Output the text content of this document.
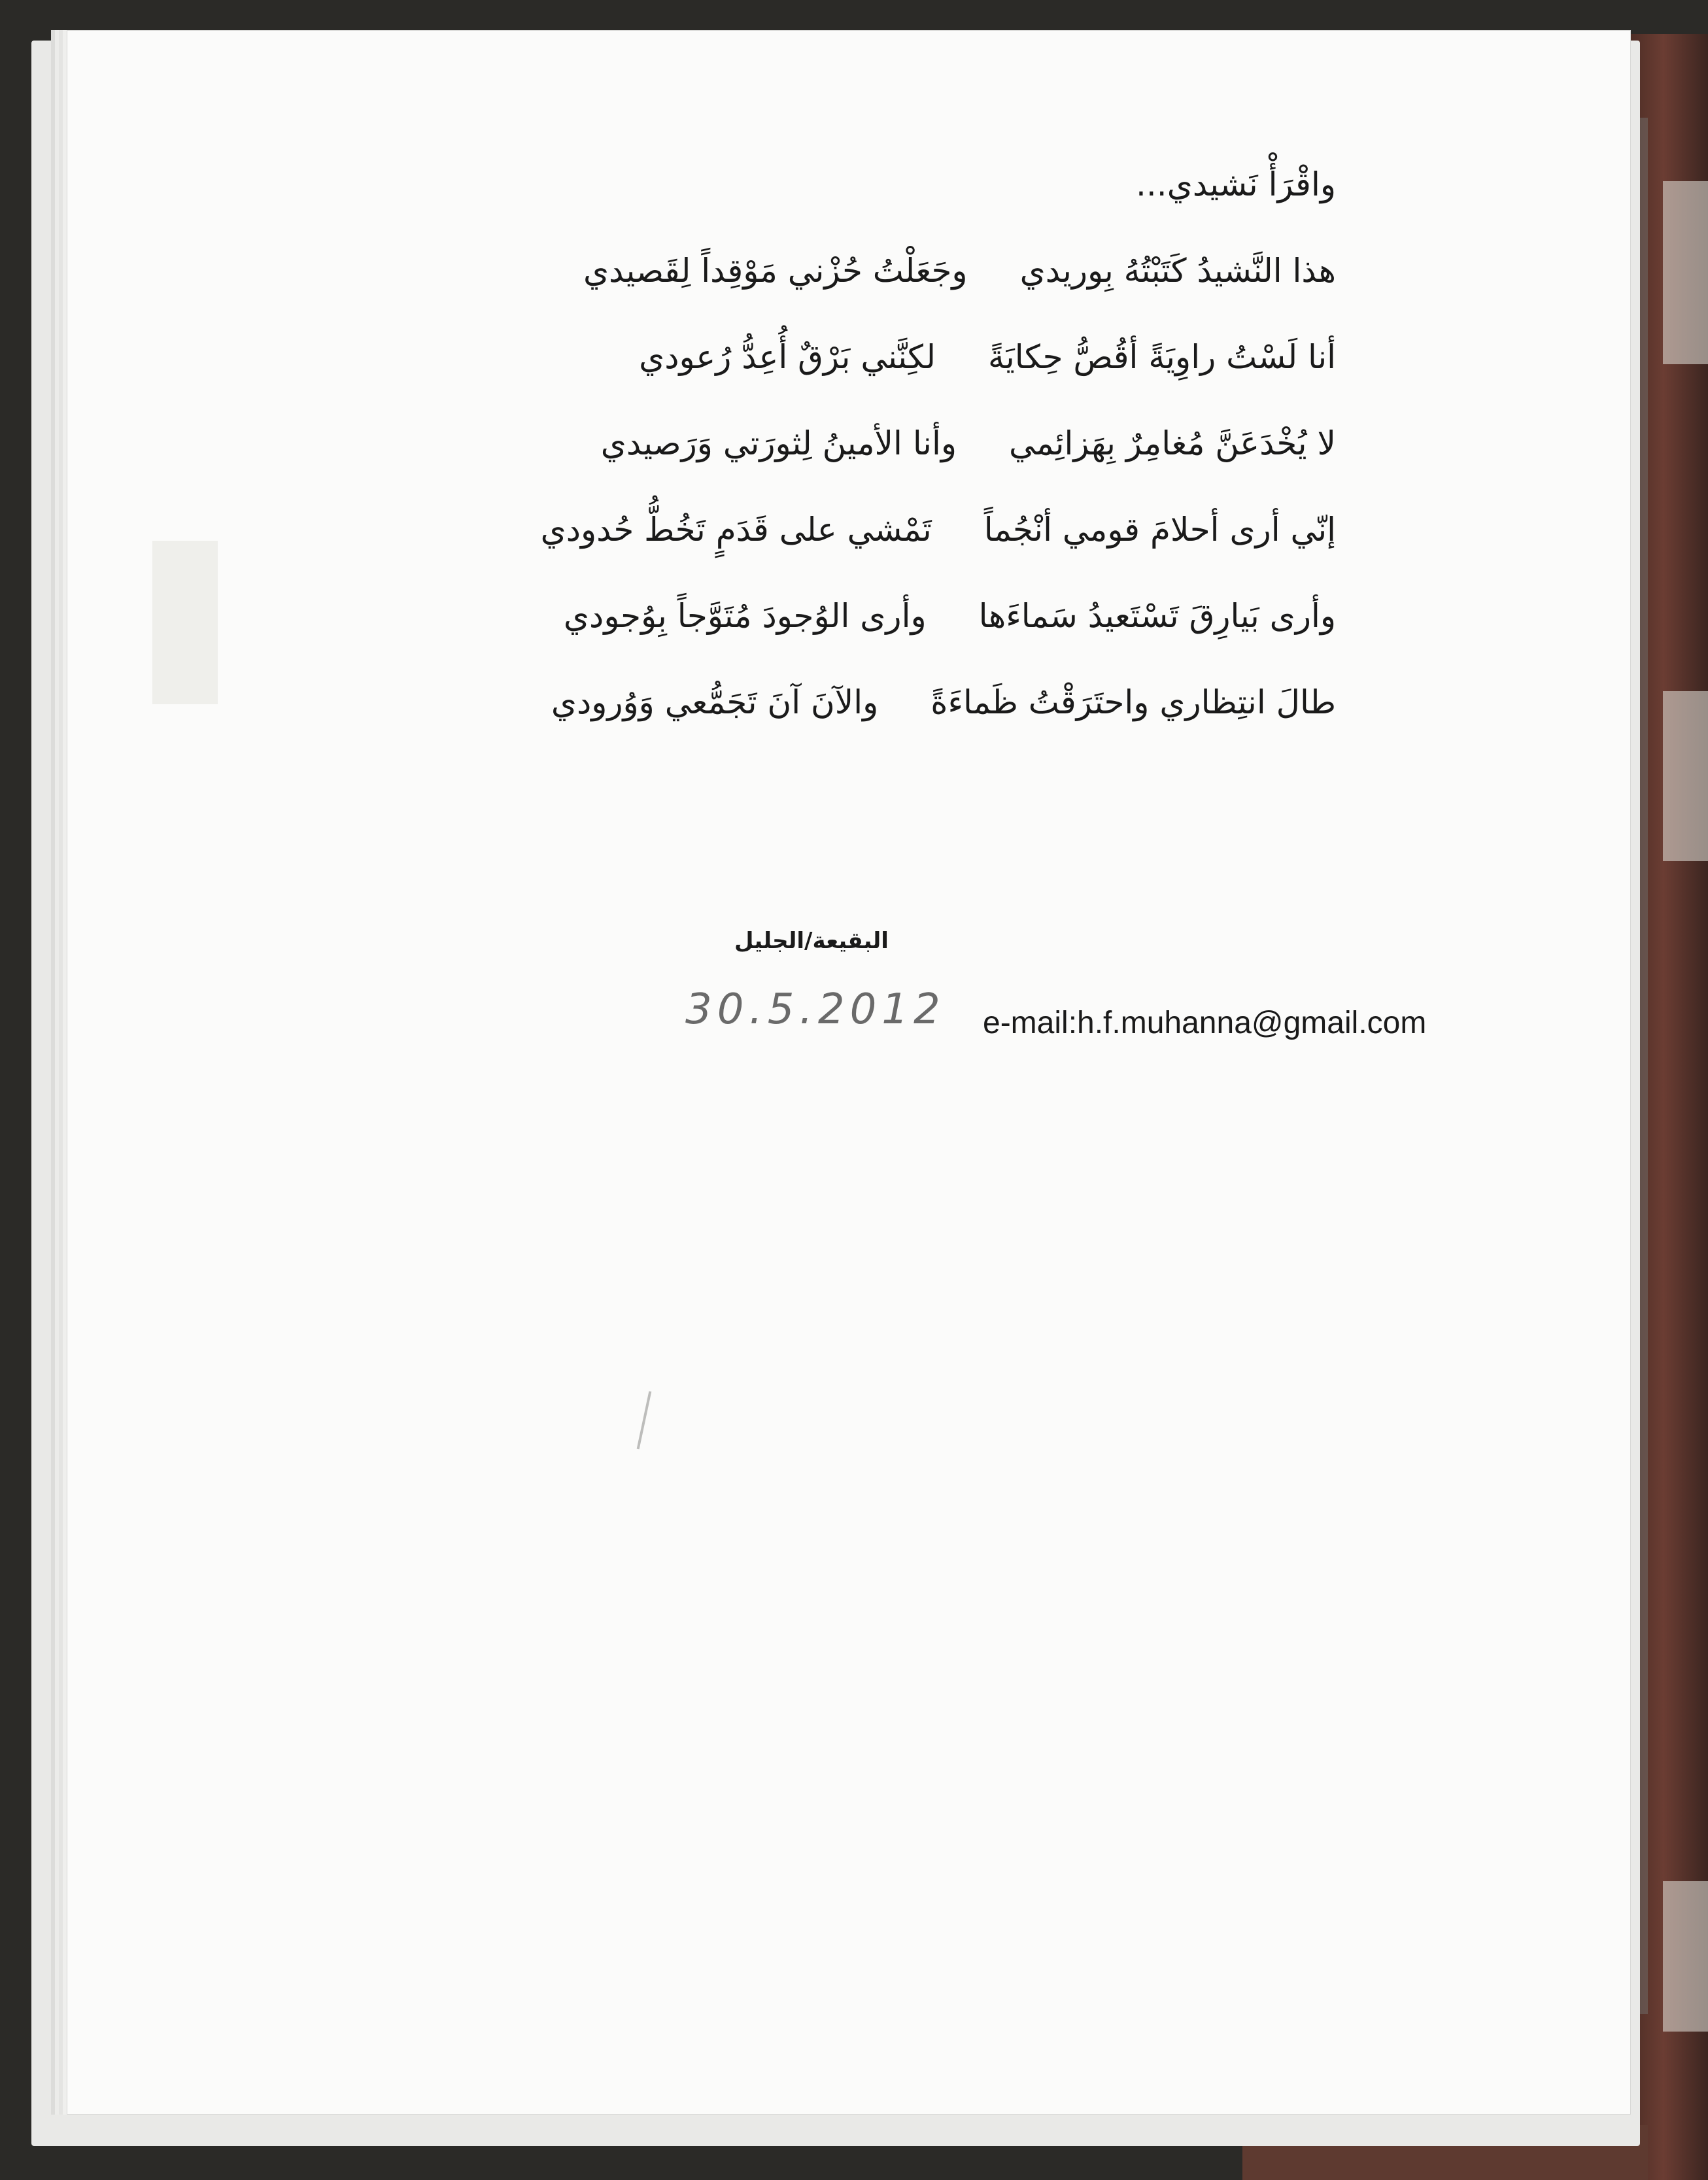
واقْرَأْ نَشيدي...
هذا النَّشيدُ كَتَبْتُهُ بِوريديوجَعَلْتُ حُزْني مَوْقِداً لِقَصيدي
أنا لَسْتُ راوِيَةً أقُصُّ حِكايَةًلكِنَّني بَرْقٌ أُعِدُّ رُعودي
لا يُخْدَعَنَّ مُغامِرٌ بِهَزائِميوأنا الأمينُ لِثورَتي وَرَصيدي
إنّي أرى أحلامَ قومي أنْجُماًتَمْشي على قَدَمٍ تَخُطُّ حُدودي
وأرى بَيارِقَ تَسْتَعيدُ سَماءَهاوأرى الوُجودَ مُتَوَّجاً بِوُجودي
طالَ انتِظاري واحتَرَقْتُ ظَماءَةًوالآنَ آنَ تَجَمُّعي وَوُرودي
البقيعة/الجليل
30.5.2012 e-mail:h.f.muhanna@gmail.com
